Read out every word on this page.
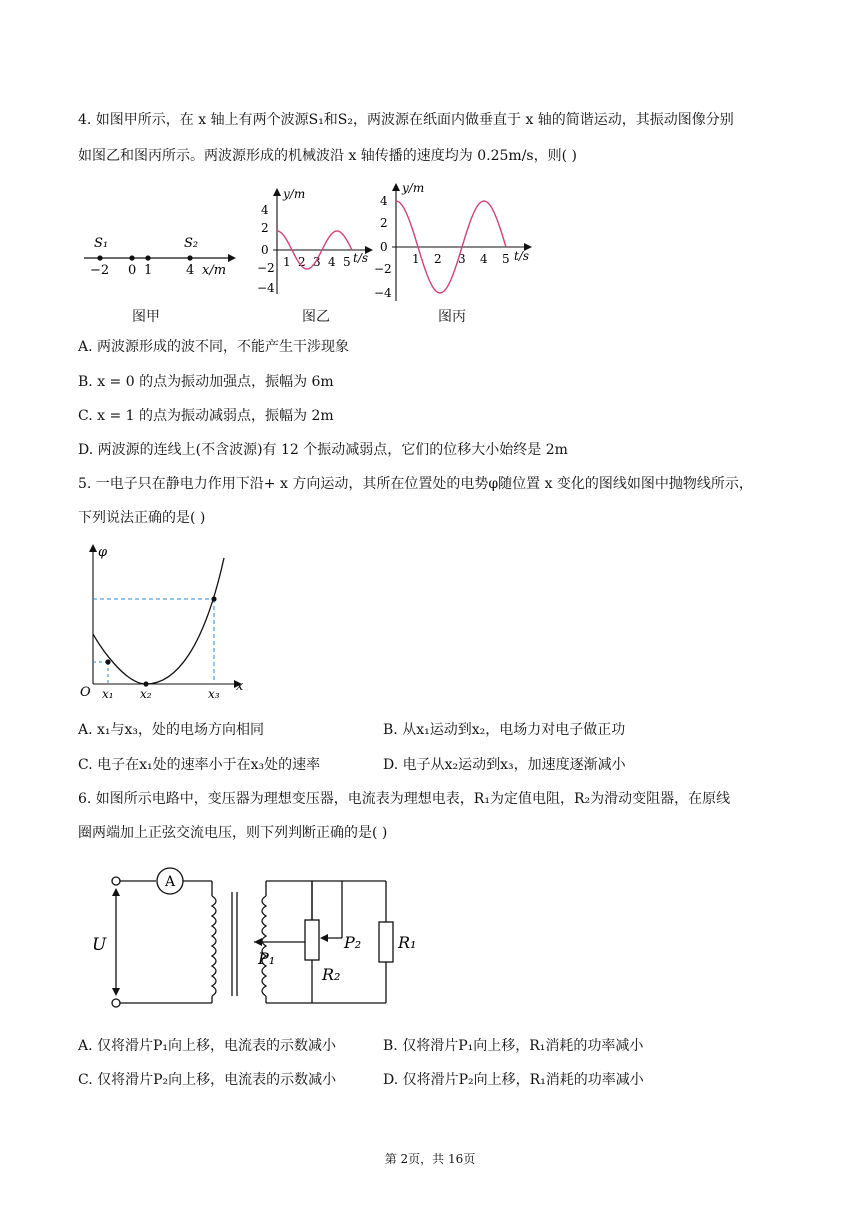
4. 如图甲所示，在 x 轴上有两个波源S₁和S₂，两波源在纸面内做垂直于 x 轴的简谐运动，其振动图像分别
如图乙和图丙所示。两波源形成的机械波沿 x 轴传播的速度均为 0.25m/s，则( )
S₁	S₂
−2 0 1	4 x/m
图甲
y/m
4
2
0
−2
−4
1 2 3 4 5 t/s
图乙
y/m
4
2
0
−2
−4
1 2 3 4 5 t/s
图丙
A. 两波源形成的波不同，不能产生干涉现象
B. x = 0 的点为振动加强点，振幅为 6m
C. x = 1 的点为振动减弱点，振幅为 2m
D. 两波源的连线上(不含波源)有 12 个振动减弱点，它们的位移大小始终是 2m
5. 一电子只在静电力作用下沿+ x 方向运动，其所在位置处的电势φ随位置 x 变化的图线如图中抛物线所示，
下列说法正确的是( )
φ
x
O x₁ x₂	x₃
A. x₁与x₃，处的电场方向相同	B. 从x₁运动到x₂，电场力对电子做正功
C. 电子在x₁处的速率小于在x₃处的速率	D. 电子从x₂运动到x₃，加速度逐渐减小
6. 如图所示电路中，变压器为理想变压器，电流表为理想电表，R₁为定值电阻，R₂为滑动变阻器，在原线
圈两端加上正弦交流电压，则下列判断正确的是( )
A
U
P₁
P₂
R₂
R₁
A. 仅将滑片P₁向上移，电流表的示数减小	B. 仅将滑片P₁向上移，R₁消耗的功率减小
C. 仅将滑片P₂向上移，电流表的示数减小	D. 仅将滑片P₂向上移，R₁消耗的功率减小
第 2页，共 16页
